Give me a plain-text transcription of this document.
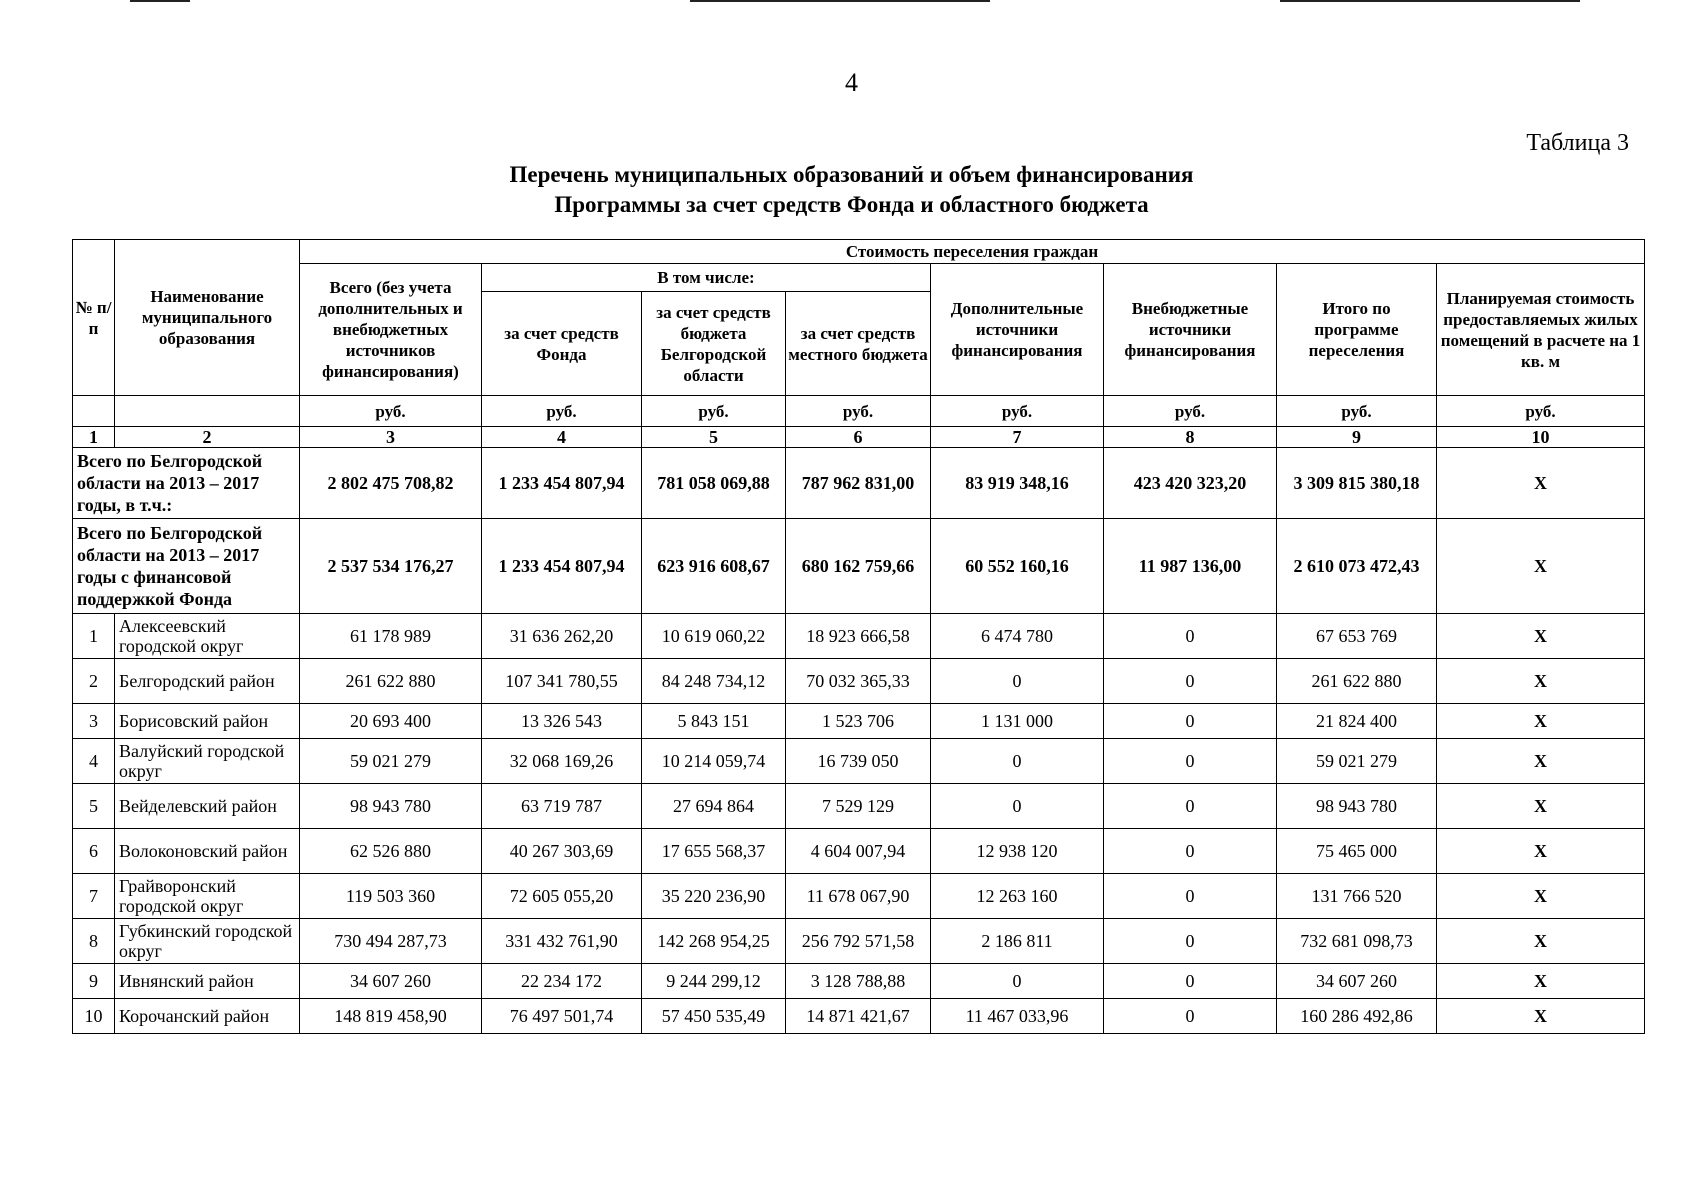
4
Таблица 3
Перечень муниципальных образований и объем финансирования
Программы за счет средств Фонда и областного бюджета
№ п/п	Наименование муниципального образования	Стоимость переселения граждан							
		Всего (без учета дополнительных и внебюджетных источников финансирования)	В том числе:			Дополнительные источники финансирования	Внебюджетные источники финансирования	Итого по программе переселения	Планируемая стоимость предоставляемых жилых помещений в расчете на 1 кв. м
			за счет средств Фонда	за счет средств бюджета Белгородской области	за счет средств местного бюджета				
		руб.	руб.	руб.	руб.	руб.	руб.	руб.	руб.
1	2	3	4	5	6	7	8	9	10
Всего по Белгородской области на 2013 – 2017 годы, в т.ч.:		2 802 475 708,82	1 233 454 807,94	781 058 069,88	787 962 831,00	83 919 348,16	423 420 323,20	3 309 815 380,18	X
Всего по Белгородской области на 2013 – 2017 годы с финансовой поддержкой Фонда		2 537 534 176,27	1 233 454 807,94	623 916 608,67	680 162 759,66	60 552 160,16	11 987 136,00	2 610 073 472,43	X
1	Алексеевский городской округ	61 178 989	31 636 262,20	10 619 060,22	18 923 666,58	6 474 780	0	67 653 769	X
2	Белгородский район	261 622 880	107 341 780,55	84 248 734,12	70 032 365,33	0	0	261 622 880	X
3	Борисовский район	20 693 400	13 326 543	5 843 151	1 523 706	1 131 000	0	21 824 400	X
4	Валуйский городской округ	59 021 279	32 068 169,26	10 214 059,74	16 739 050	0	0	59 021 279	X
5	Вейделевский район	98 943 780	63 719 787	27 694 864	7 529 129	0	0	98 943 780	X
6	Волоконовский район	62 526 880	40 267 303,69	17 655 568,37	4 604 007,94	12 938 120	0	75 465 000	X
7	Грайворонский городской округ	119 503 360	72 605 055,20	35 220 236,90	11 678 067,90	12 263 160	0	131 766 520	X
8	Губкинский городской округ	730 494 287,73	331 432 761,90	142 268 954,25	256 792 571,58	2 186 811	0	732 681 098,73	X
9	Ивнянский район	34 607 260	22 234 172	9 244 299,12	3 128 788,88	0	0	34 607 260	X
10	Корочанский район	148 819 458,90	76 497 501,74	57 450 535,49	14 871 421,67	11 467 033,96	0	160 286 492,86	X
